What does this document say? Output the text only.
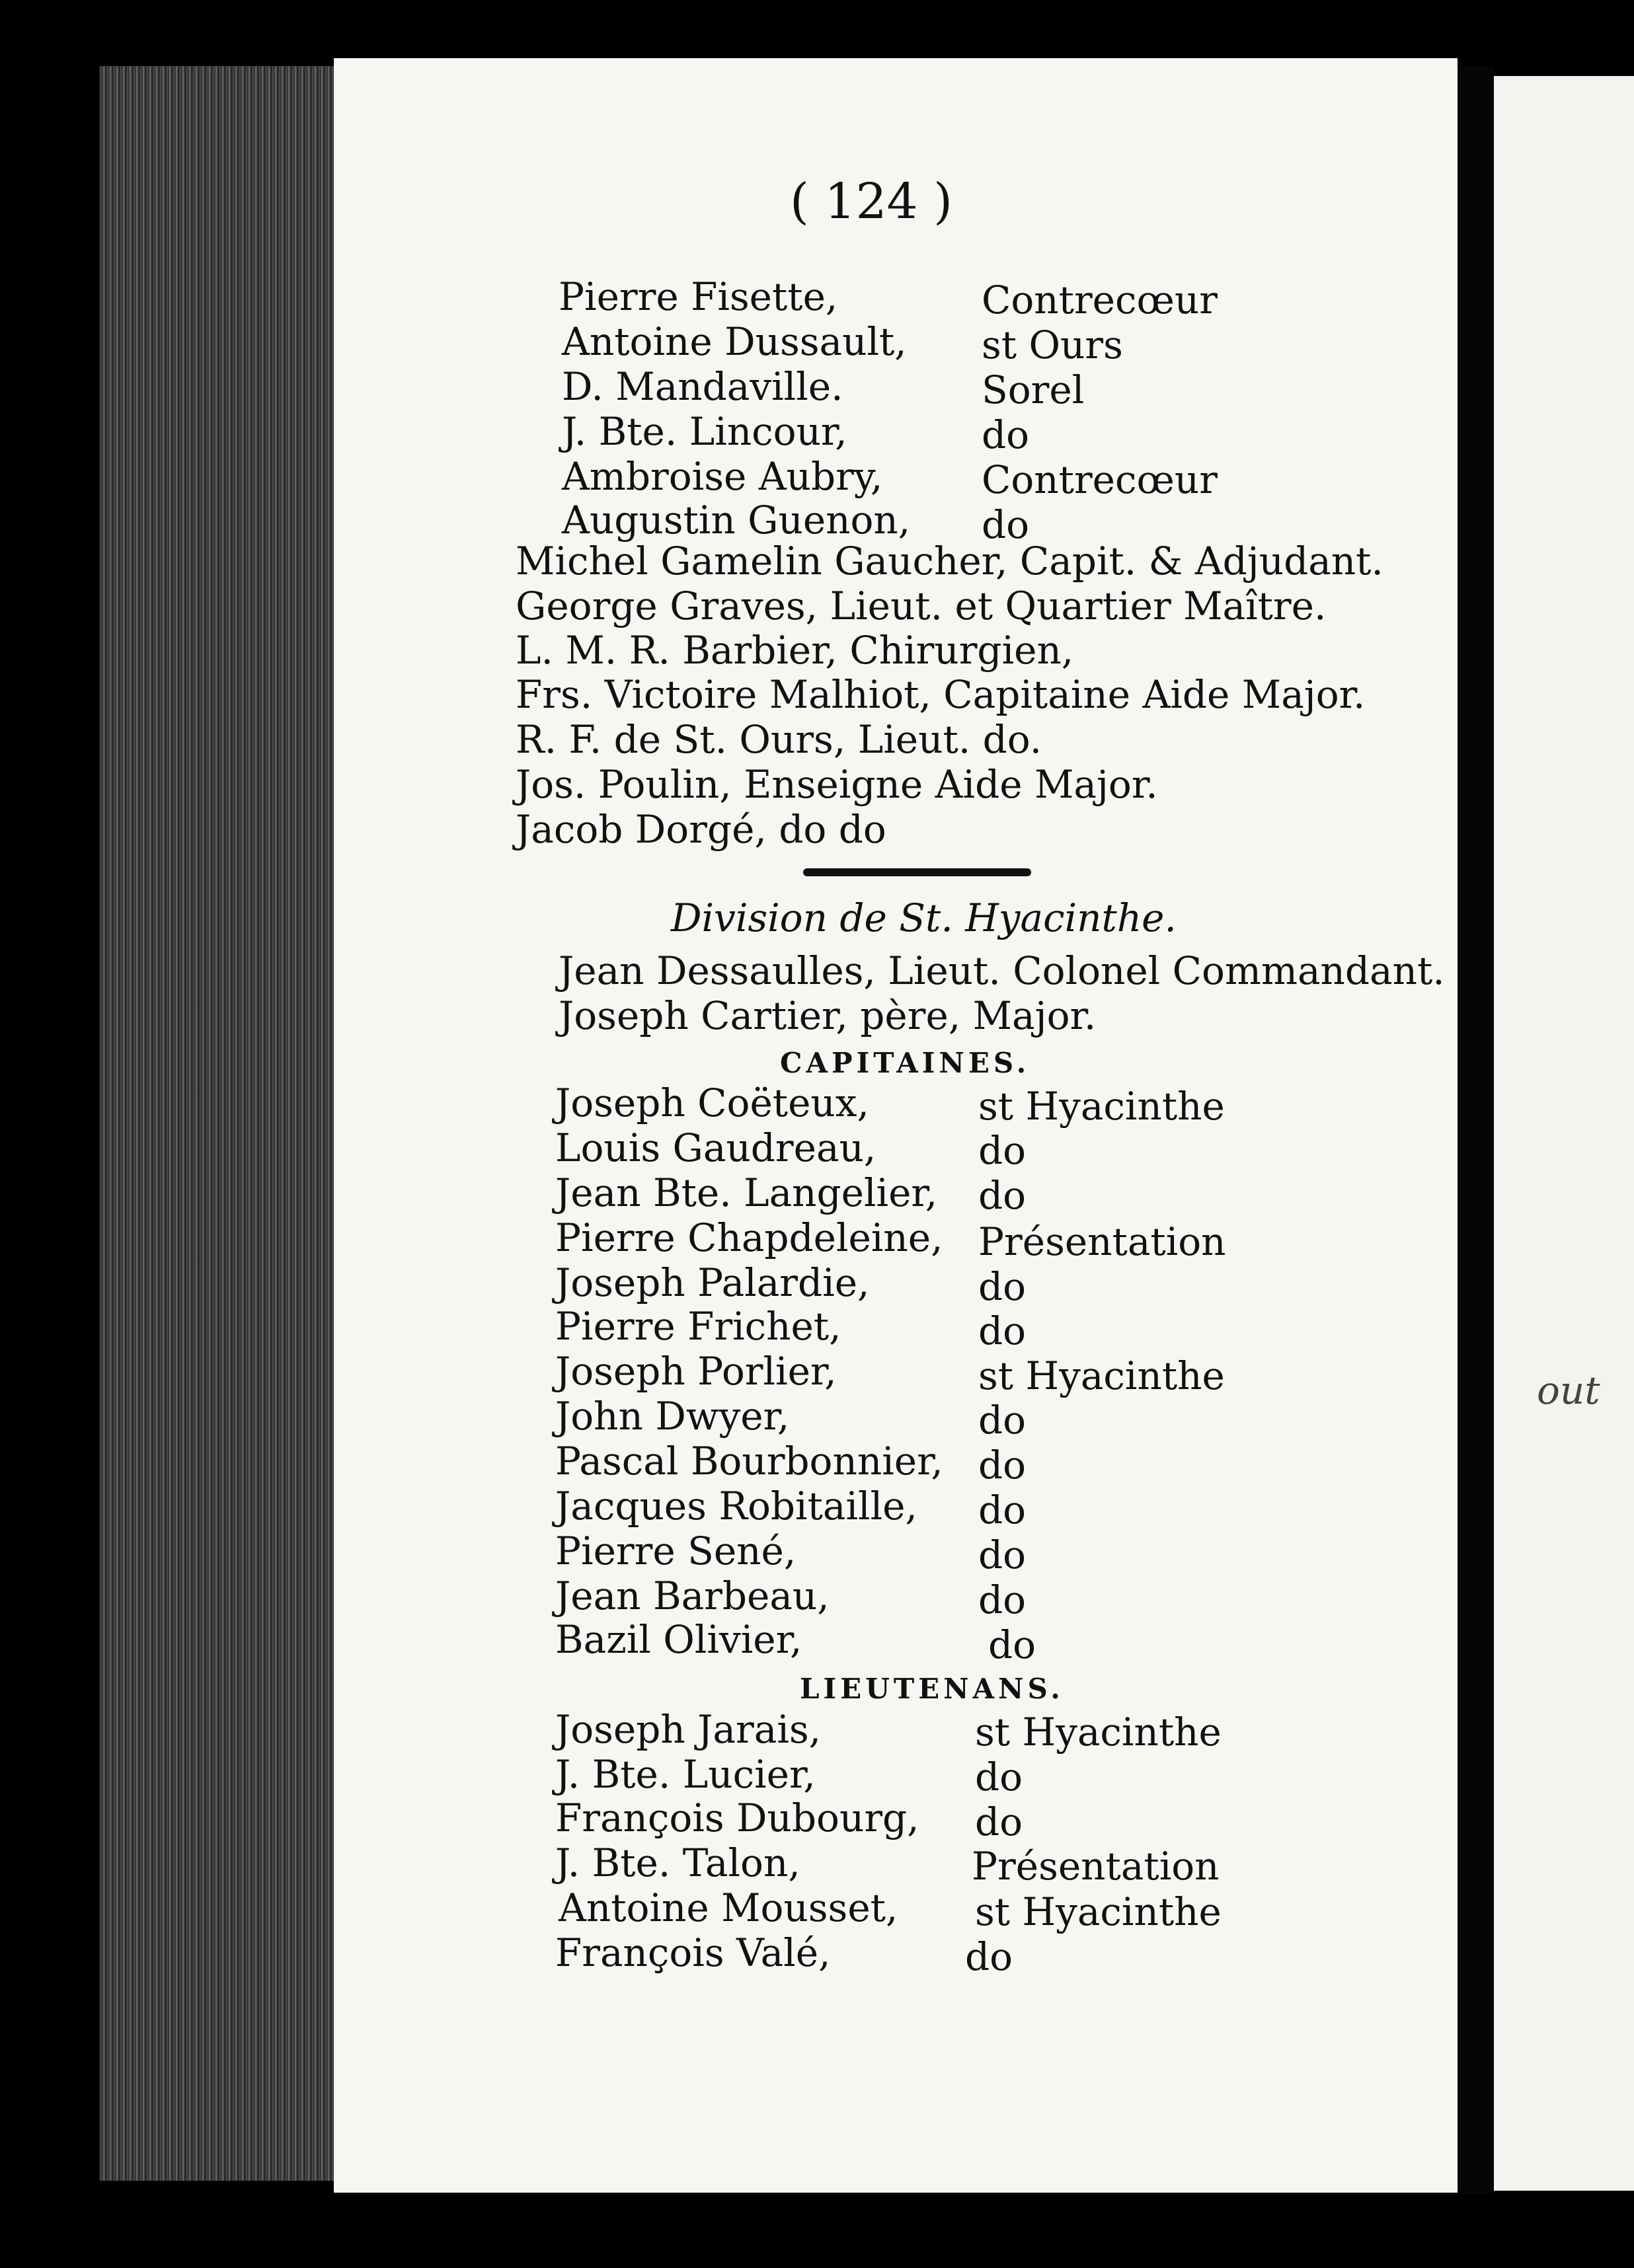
out
( 124 )
Pierre Fisette,	Contrecœur
Antoine Dussault, st Ours
D. Mandaville.	Sorel
J. Bte. Lincour,	do
Ambroise Aubry,	Contrecœur
Augustin Guenon, do
Michel Gamelin Gaucher, Capit. & Adjudant.
George Graves, Lieut. et Quartier Maître.
L. M. R. Barbier, Chirurgien,
Frs. Victoire Malhiot, Capitaine Aide Major.
R. F. de St. Ours, Lieut. do.
Jos. Poulin, Enseigne Aide Major.
Jacob Dorgé, do do
Division de St. Hyacinthe.
Jean Dessaulles, Lieut. Colonel Commandant.
Joseph Cartier, père, Major.
CAPITAINES.
Joseph Coëteux,	st Hyacinthe
Louis Gaudreau,	do
Jean Bte. Langelier, do
Pierre Chapdeleine, Présentation
Joseph Palardie,	do
Pierre Frichet,	do
Joseph Porlier,	st Hyacinthe
John Dwyer,	do
Pascal Bourbonnier, do
Jacques Robitaille, do
Pierre Sené,	do
Jean Barbeau,	do
Bazil Olivier,	do
LIEUTENANS.
Joseph Jarais,	st Hyacinthe
J. Bte. Lucier,	do
François Dubourg, do
J. Bte. Talon,	Présentation
Antoine Mousset, st Hyacinthe
François Valé,	do
